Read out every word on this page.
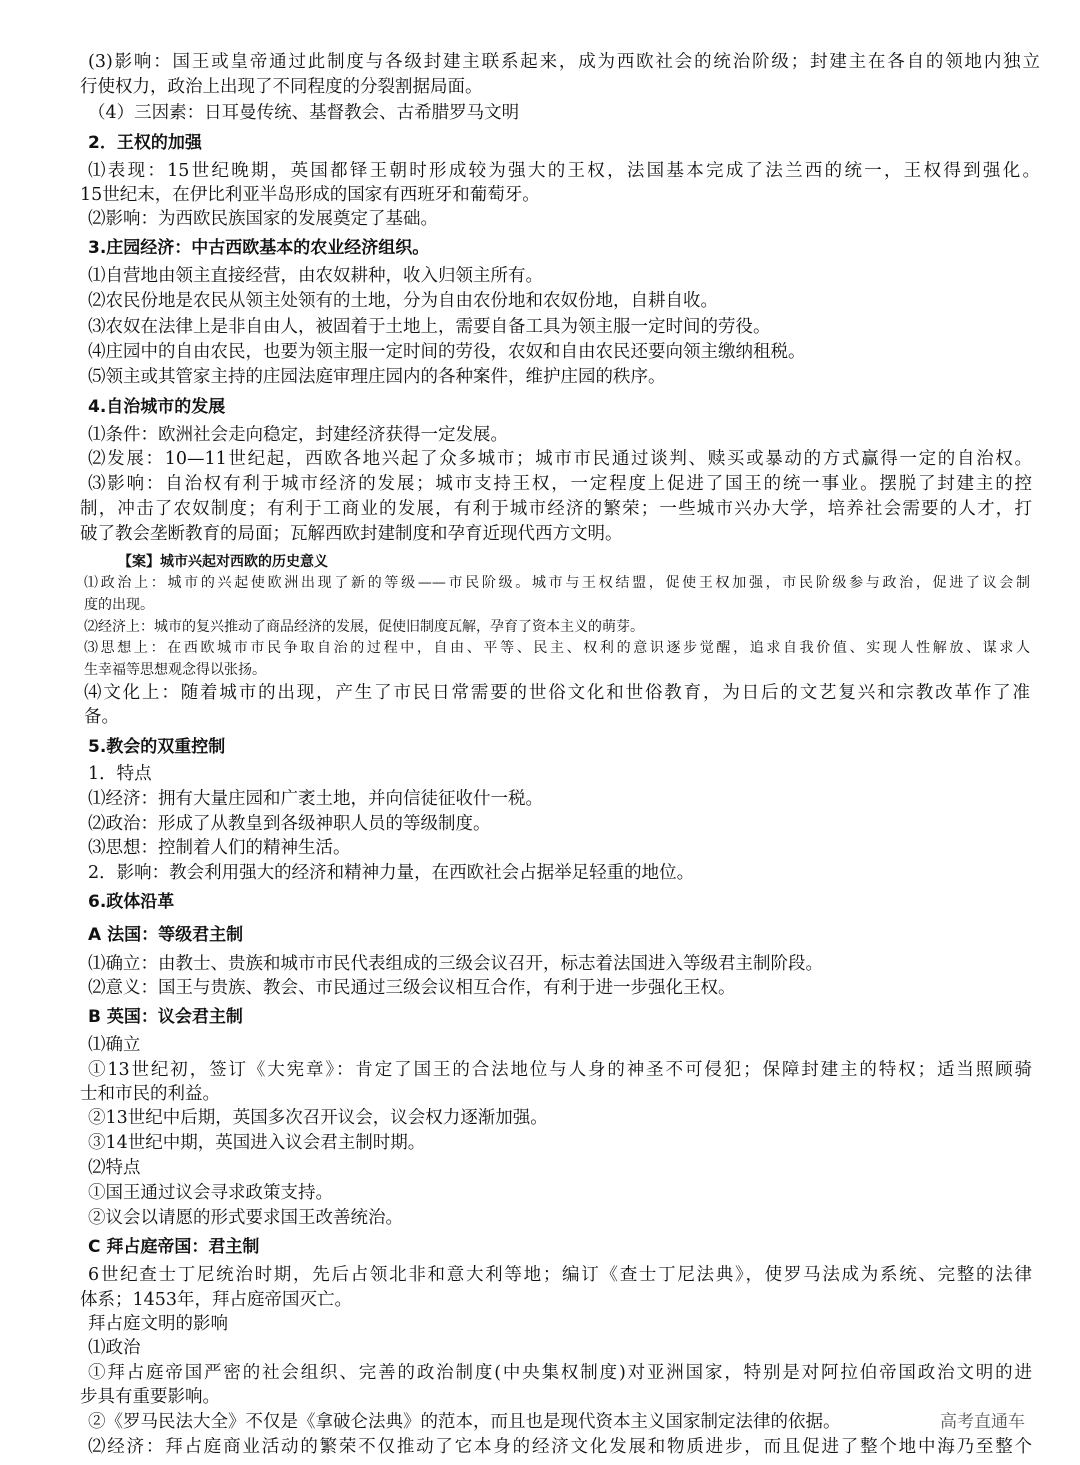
(3)影响：国王或皇帝通过此制度与各级封建主联系起来，成为西欧社会的统治阶级；封建主在各自的领地内独立
行使权力，政治上出现了不同程度的分裂割据局面。
（4）三因素：日耳曼传统、基督教会、古希腊罗马文明
2．王权的加强
⑴表现：15世纪晚期，英国都铎王朝时形成较为强大的王权，法国基本完成了法兰西的统一，王权得到强化。
15世纪末，在伊比利亚半岛形成的国家有西班牙和葡萄牙。
⑵影响：为西欧民族国家的发展奠定了基础。
3.庄园经济：中古西欧基本的农业经济组织。
⑴自营地由领主直接经营，由农奴耕种，收入归领主所有。
⑵农民份地是农民从领主处领有的土地，分为自由农份地和农奴份地，自耕自收。
⑶农奴在法律上是非自由人，被固着于土地上，需要自备工具为领主服一定时间的劳役。
⑷庄园中的自由农民，也要为领主服一定时间的劳役，农奴和自由农民还要向领主缴纳租税。
⑸领主或其管家主持的庄园法庭审理庄园内的各种案件，维护庄园的秩序。
4.自治城市的发展
⑴条件：欧洲社会走向稳定，封建经济获得一定发展。
⑵发展：10—11世纪起，西欧各地兴起了众多城市；城市市民通过谈判、赎买或暴动的方式赢得一定的自治权。
⑶影响：自治权有利于城市经济的发展；城市支持王权，一定程度上促进了国王的统一事业。摆脱了封建主的控
制，冲击了农奴制度；有利于工商业的发展，有利于城市经济的繁荣；一些城市兴办大学，培养社会需要的人才，打
破了教会垄断教育的局面；瓦解西欧封建制度和孕育近现代西方文明。
【案】城市兴起对西欧的历史意义
⑴政治上：城市的兴起使欧洲出现了新的等级——市民阶级。城市与王权结盟，促使王权加强，市民阶级参与政治，促进了议会制
度的出现。
⑵经济上：城市的复兴推动了商品经济的发展，促使旧制度瓦解，孕育了资本主义的萌芽。
⑶思想上：在西欧城市市民争取自治的过程中，自由、平等、民主、权利的意识逐步觉醒，追求自我价值、实现人性解放、谋求人
生幸福等思想观念得以张扬。
⑷文化上：随着城市的出现，产生了市民日常需要的世俗文化和世俗教育，为日后的文艺复兴和宗教改革作了准
备。
5.教会的双重控制
1．特点
⑴经济：拥有大量庄园和广袤土地，并向信徒征收什一税。
⑵政治：形成了从教皇到各级神职人员的等级制度。
⑶思想：控制着人们的精神生活。
2．影响：教会利用强大的经济和精神力量，在西欧社会占据举足轻重的地位。
6.政体沿革
A 法国：等级君主制
⑴确立：由教士、贵族和城市市民代表组成的三级会议召开，标志着法国进入等级君主制阶段。
⑵意义：国王与贵族、教会、市民通过三级会议相互合作，有利于进一步强化王权。
B 英国：议会君主制
⑴确立
①13世纪初，签订《大宪章》：肯定了国王的合法地位与人身的神圣不可侵犯；保障封建主的特权；适当照顾骑
士和市民的利益。
②13世纪中后期，英国多次召开议会，议会权力逐渐加强。
③14世纪中期，英国进入议会君主制时期。
⑵特点
①国王通过议会寻求政策支持。
②议会以请愿的形式要求国王改善统治。
C 拜占庭帝国：君主制
6世纪查士丁尼统治时期，先后占领北非和意大利等地；编订《查士丁尼法典》，使罗马法成为系统、完整的法律
体系；1453年，拜占庭帝国灭亡。
拜占庭文明的影响
⑴政治
①拜占庭帝国严密的社会组织、完善的政治制度(中央集权制度)对亚洲国家，特别是对阿拉伯帝国政治文明的进
步具有重要影响。
②《罗马民法大全》不仅是《拿破仑法典》的范本，而且也是现代资本主义国家制定法律的依据。
⑵经济：拜占庭商业活动的繁荣不仅推动了它本身的经济文化发展和物质进步，而且促进了整个地中海乃至整个
高考直通车
